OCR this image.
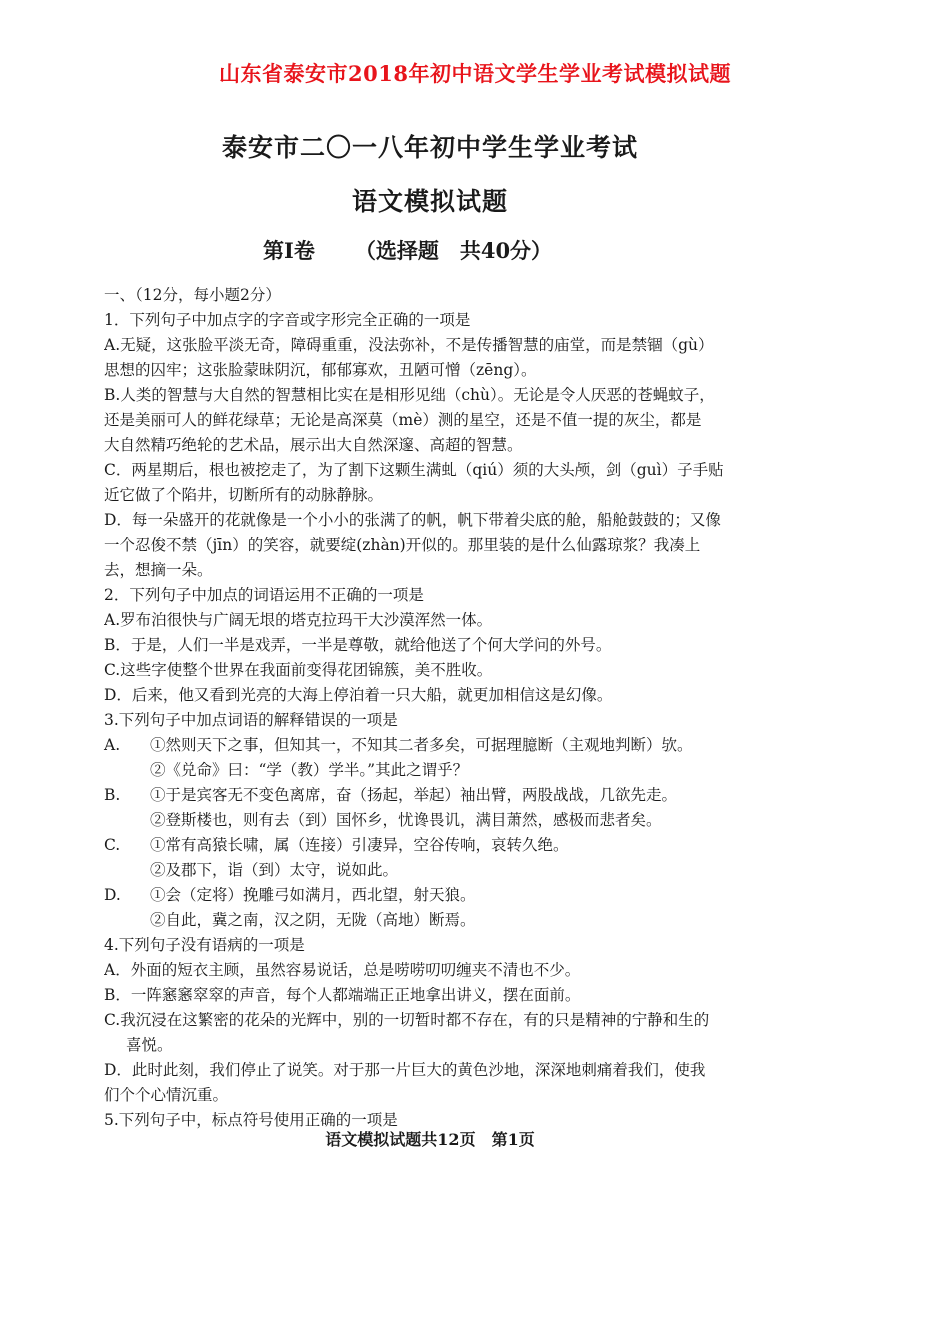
山东省泰安市2018年初中语文学生学业考试模拟试题
泰安市二〇一八年初中学生学业考试
语文模拟试题
第Ⅰ卷 （选择题　共40分）
一、（12分，每小题2分）
1．下列句子中加点字的字音或字形完全正确的一项是
A.无疑，这张脸平淡无奇，障碍重重，没法弥补，不是传播智慧的庙堂，而是禁锢（gù）
思想的囚牢；这张脸蒙昧阴沉，郁郁寡欢，丑陋可憎（zēng）。
B.人类的智慧与大自然的智慧相比实在是相形见绌（chù）。无论是令人厌恶的苍蝇蚊子，
还是美丽可人的鲜花绿草；无论是高深莫（mè）测的星空，还是不值一提的灰尘，都是
大自然精巧绝轮的艺术品，展示出大自然深邃、高超的智慧。
C．两星期后，根也被挖走了，为了割下这颗生满虬（qiú）须的大头颅，剑（guì）子手贴
近它做了个陷井，切断所有的动脉静脉。
D．每一朵盛开的花就像是一个小小的张满了的帆，帆下带着尖底的舱，船舱鼓鼓的；又像
一个忍俊不禁（jīn）的笑容，就要绽(zhàn)开似的。那里装的是什么仙露琼浆？我凑上
去，想摘一朵。
2．下列句子中加点的词语运用不正确的一项是
A.罗布泊很快与广阔无垠的塔克拉玛干大沙漠浑然一体。
B．于是，人们一半是戏弄，一半是尊敬，就给他送了个何大学问的外号。
C.这些字使整个世界在我面前变得花团锦簇，美不胜收。
D．后来，他又看到光亮的大海上停泊着一只大船，就更加相信这是幻像。
3.下列句子中加点词语的解释错误的一项是
A.	①然则天下之事，但知其一，不知其二者多矣，可据理臆断（主观地判断）欤。
②《兑命》曰：“学（教）学半。”其此之谓乎？
B.	①于是宾客无不变色离席，奋（扬起，举起）袖出臂，两股战战，几欲先走。
②登斯楼也，则有去（到）国怀乡，忧谗畏讥，满目萧然，感极而悲者矣。
C.	①常有高猿长啸，属（连接）引凄异，空谷传响，哀转久绝。
②及郡下，诣（到）太守，说如此。
D.	①会（定将）挽雕弓如满月，西北望，射天狼。
②自此，冀之南，汉之阴，无陇（高地）断焉。
4.下列句子没有语病的一项是
A．外面的短衣主顾，虽然容易说话，总是唠唠叨叨缠夹不清也不少。
B．一阵窸窸窣窣的声音，每个人都端端正正地拿出讲义，摆在面前。
C.我沉浸在这繁密的花朵的光辉中，别的一切暂时都不存在，有的只是精神的宁静和生的
喜悦。
D．此时此刻，我们停止了说笑。对于那一片巨大的黄色沙地，深深地刺痛着我们，使我
们个个心情沉重。
5.下列句子中，标点符号使用正确的一项是
语文模拟试题共12页　第1页
